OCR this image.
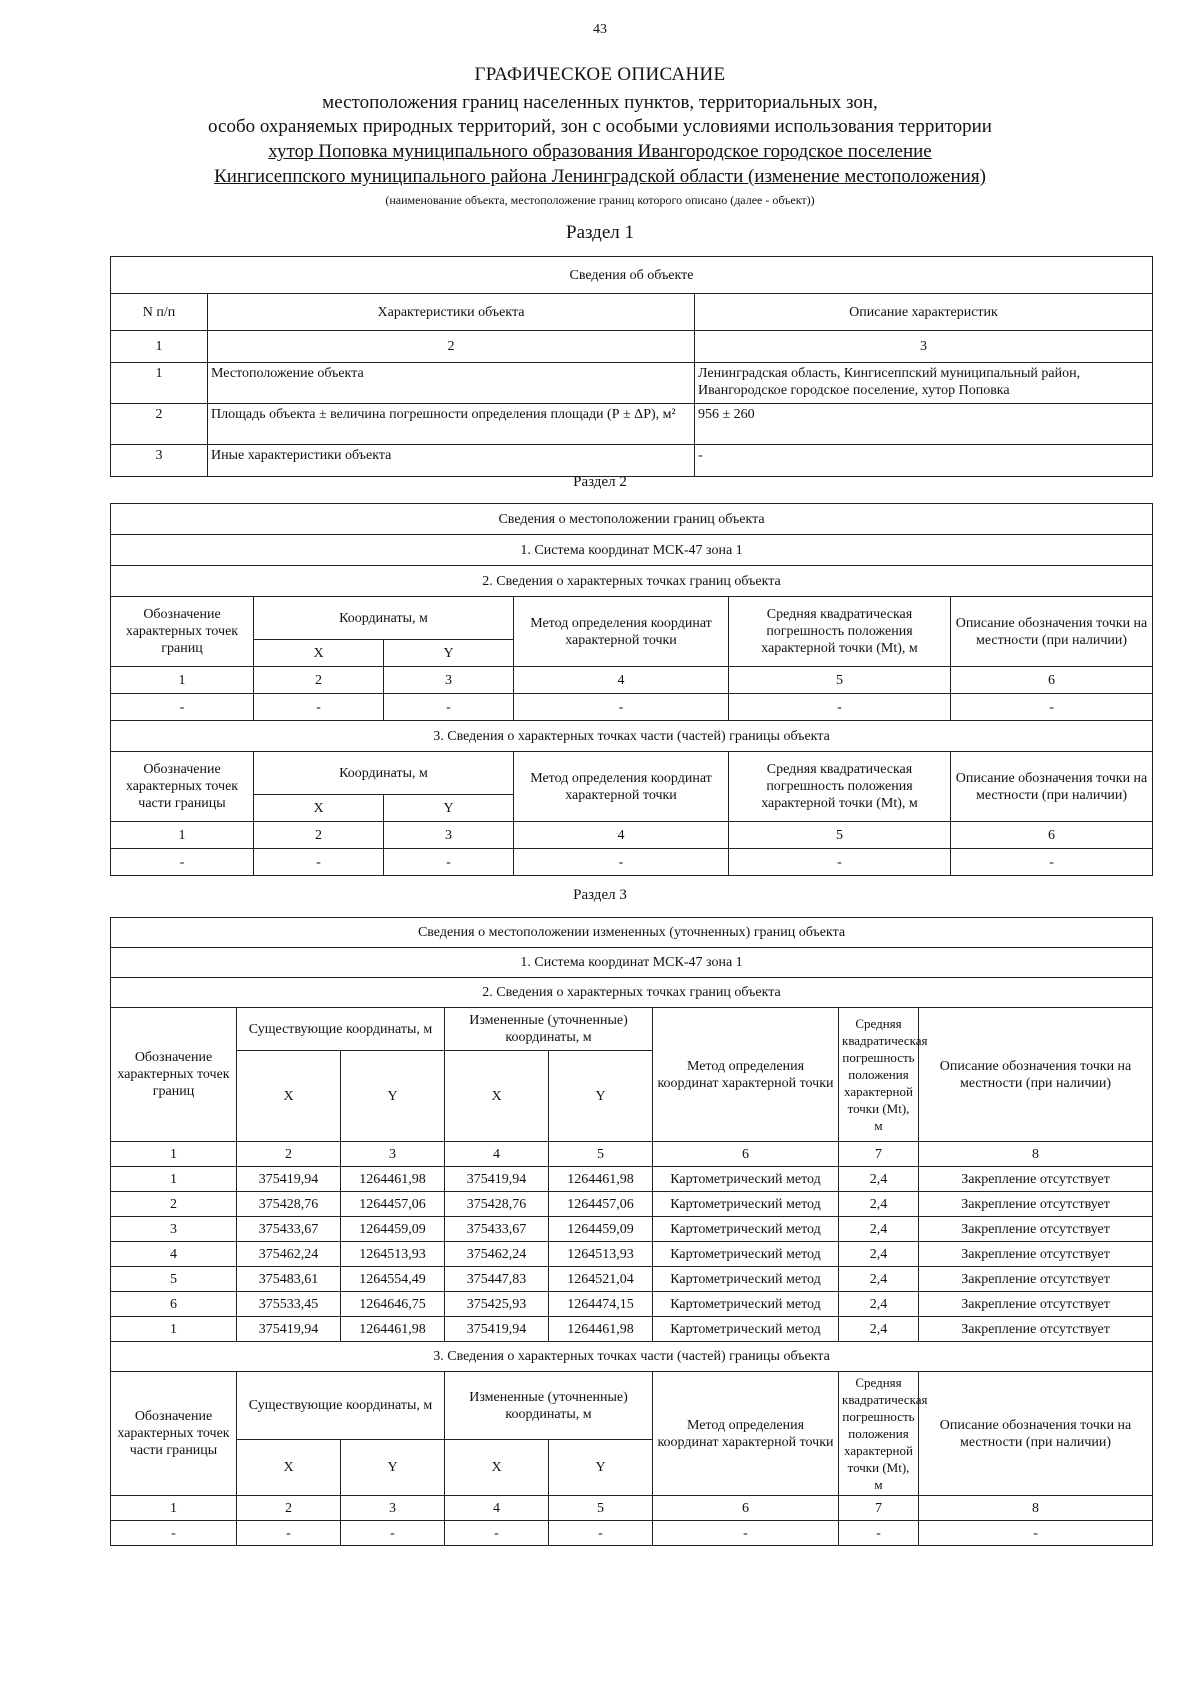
43
ГРАФИЧЕСКОЕ ОПИСАНИЕ
местоположения границ населенных пунктов, территориальных зон,
особо охраняемых природных территорий, зон с особыми условиями использования территории
хутор Поповка муниципального образования Ивангородское городское поселение
Кингисеппского муниципального района Ленинградской области (изменение местоположения)
(наименование объекта, местоположение границ которого описано (далее - объект))
Раздел 1
Сведения об объекте		
N п/п	Характеристики объекта	Описание характеристик
1	2	3
1	Местоположение объекта	Ленинградская область, Кингисеппский муниципальный район, Ивангородское городское поселение, хутор Поповка
2	Площадь объекта ± величина погрешности определения площади (Р ± ΔР), м²	956 ± 260
3	Иные характеристики объекта	-
Раздел 2
Сведения о местоположении границ объекта					
1. Система координат МСК-47 зона 1					
2. Сведения о характерных точках границ объекта					
Обозначение характерных точек границ	Координаты, м		Метод определения координат характерной точки	Средняя квадратическая погрешность положения характерной точки (Mt), м	Описание обозначения точки на местности (при наличии)
	X	Y			
1	2	3	4	5	6
-	-	-	-	-	-
3. Сведения о характерных точках части (частей) границы объекта					
Обозначение характерных точек части границы	Координаты, м		Метод определения координат характерной точки	Средняя квадратическая погрешность положения характерной точки (Mt), м	Описание обозначения точки на местности (при наличии)
	X	Y			
1	2	3	4	5	6
-	-	-	-	-	-
Раздел 3
Сведения о местоположении измененных (уточненных) границ объекта							
1. Система координат МСК-47 зона 1							
2. Сведения о характерных точках границ объекта							
Обозначение характерных точек границ	Существующие координаты, м		Измененные (уточненные) координаты, м		Метод определения координат характерной точки	Средняя квадратическая погрешность положения характерной точки (Mt), м	Описание обозначения точки на местности (при наличии)
	X	Y	X	Y			
1	2	3	4	5	6	7	8
1	375419,94	1264461,98	375419,94	1264461,98	Картометрический метод	2,4	Закрепление отсутствует
2	375428,76	1264457,06	375428,76	1264457,06	Картометрический метод	2,4	Закрепление отсутствует
3	375433,67	1264459,09	375433,67	1264459,09	Картометрический метод	2,4	Закрепление отсутствует
4	375462,24	1264513,93	375462,24	1264513,93	Картометрический метод	2,4	Закрепление отсутствует
5	375483,61	1264554,49	375447,83	1264521,04	Картометрический метод	2,4	Закрепление отсутствует
6	375533,45	1264646,75	375425,93	1264474,15	Картометрический метод	2,4	Закрепление отсутствует
1	375419,94	1264461,98	375419,94	1264461,98	Картометрический метод	2,4	Закрепление отсутствует
3. Сведения о характерных точках части (частей) границы объекта							
Обозначение характерных точек части границы	Существующие координаты, м		Измененные (уточненные) координаты, м		Метод определения координат характерной точки	Средняя квадратическая погрешность положения характерной точки (Mt), м	Описание обозначения точки на местности (при наличии)
	X	Y	X	Y			
1	2	3	4	5	6	7	8
-	-	-	-	-	-	-	-
